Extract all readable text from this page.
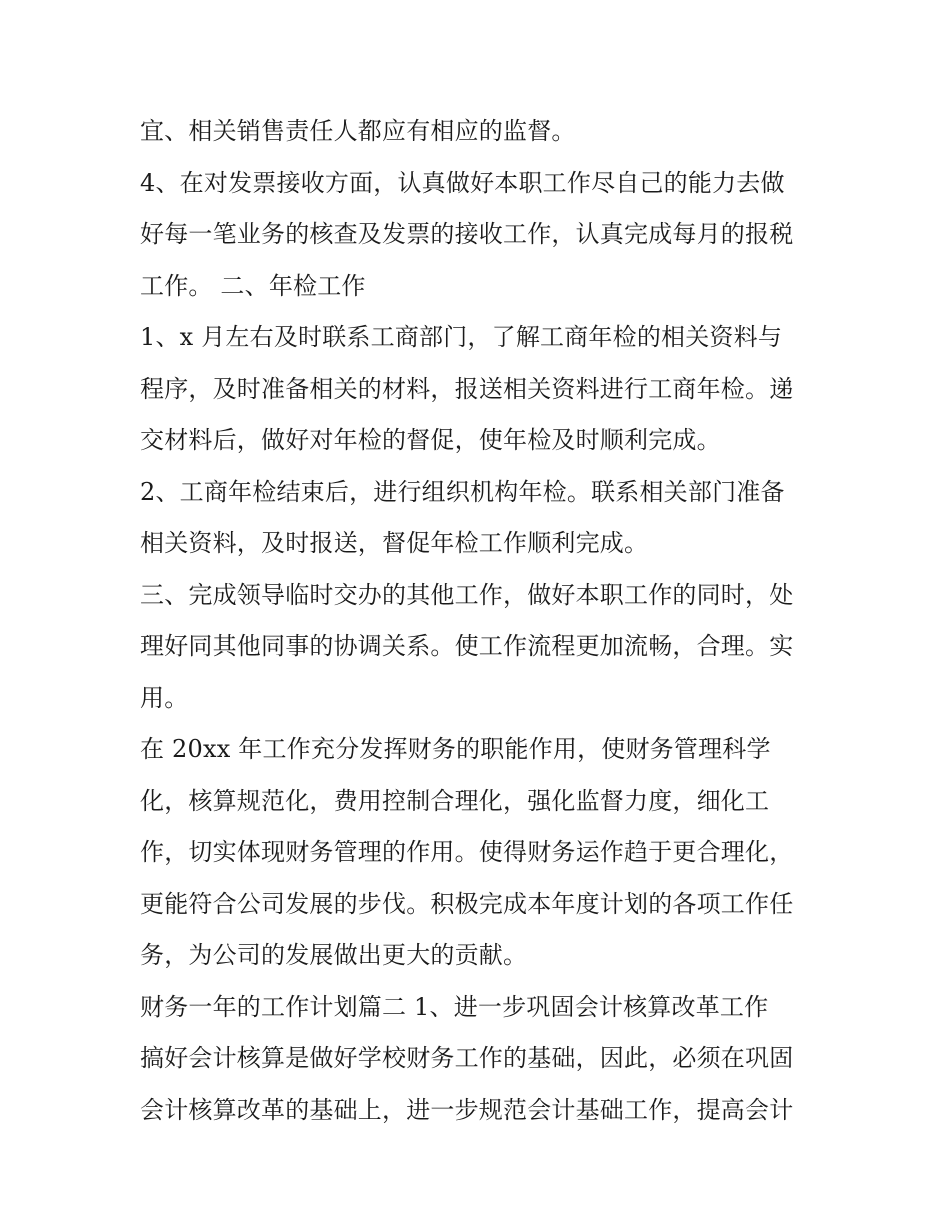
宜、相关销售责任人都应有相应的监督。
4、在对发票接收方面，认真做好本职工作尽自己的能力去做
好每一笔业务的核查及发票的接收工作，认真完成每月的报税
工作。 二、年检工作
1、x 月左右及时联系工商部门，了解工商年检的相关资料与
程序，及时准备相关的材料，报送相关资料进行工商年检。递
交材料后，做好对年检的督促，使年检及时顺利完成。
2、工商年检结束后，进行组织机构年检。联系相关部门准备
相关资料，及时报送，督促年检工作顺利完成。
三、完成领导临时交办的其他工作，做好本职工作的同时，处
理好同其他同事的协调关系。使工作流程更加流畅，合理。实
用。
在 20xx 年工作充分发挥财务的职能作用，使财务管理科学
化，核算规范化，费用控制合理化，强化监督力度，细化工
作，切实体现财务管理的作用。使得财务运作趋于更合理化，
更能符合公司发展的步伐。积极完成本年度计划的各项工作任
务，为公司的发展做出更大的贡献。
财务一年的工作计划篇二 1、进一步巩固会计核算改革工作
搞好会计核算是做好学校财务工作的基础，因此，必须在巩固
会计核算改革的基础上，进一步规范会计基础工作，提高会计
